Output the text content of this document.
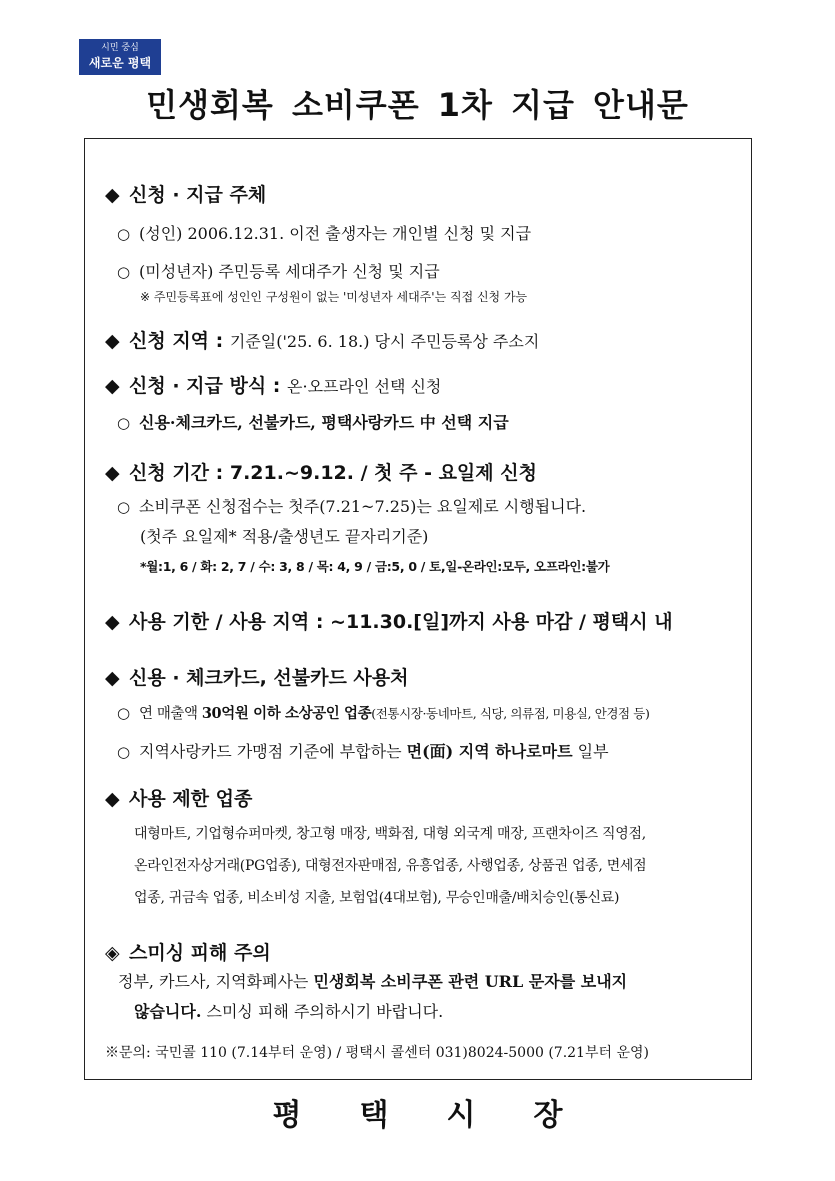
시민 중심
새로운 평택
민생회복 소비쿠폰 1차 지급 안내문
◆ 신청 · 지급 주체
○ (성인) 2006.12.31. 이전 출생자는 개인별 신청 및 지급
○ (미성년자) 주민등록 세대주가 신청 및 지급
※ 주민등록표에 성인인 구성원이 없는 '미성년자 세대주'는 직접 신청 가능
◆ 신청 지역 : 기준일('25. 6. 18.) 당시 주민등록상 주소지
◆ 신청 · 지급 방식 : 온·오프라인 선택 신청
○ 신용·체크카드, 선불카드, 평택사랑카드 中 선택 지급
◆ 신청 기간 : 7.21.~9.12. / 첫 주 - 요일제 신청
○ 소비쿠폰 신청접수는 첫주(7.21~7.25)는 요일제로 시행됩니다.
(첫주 요일제* 적용/출생년도 끝자리기준)
*월:1, 6 / 화: 2, 7 / 수: 3, 8 / 목: 4, 9 / 금:5, 0 / 토,일-온라인:모두, 오프라인:불가
◆ 사용 기한 / 사용 지역 : ~11.30.[일]까지 사용 마감 / 평택시 내
◆ 신용 · 체크카드, 선불카드 사용처
○ 연 매출액 30억원 이하 소상공인 업종(전통시장·동네마트, 식당, 의류점, 미용실, 안경점 등)
○ 지역사랑카드 가맹점 기준에 부합하는 면(面) 지역 하나로마트 일부
◆ 사용 제한 업종
대형마트, 기업형슈퍼마켓, 창고형 매장, 백화점, 대형 외국계 매장, 프랜차이즈 직영점,
온라인전자상거래(PG업종), 대형전자판매점, 유흥업종, 사행업종, 상품권 업종, 면세점
업종, 귀금속 업종, 비소비성 지출, 보험업(4대보험), 무승인매출/배치승인(통신료)
◈ 스미싱 피해 주의
정부, 카드사, 지역화폐사는 민생회복 소비쿠폰 관련 URL 문자를 보내지
않습니다. 스미싱 피해 주의하시기 바랍니다.
※문의: 국민콜 110 (7.14부터 운영) / 평택시 콜센터 031)8024-5000 (7.21부터 운영)
평택시장
